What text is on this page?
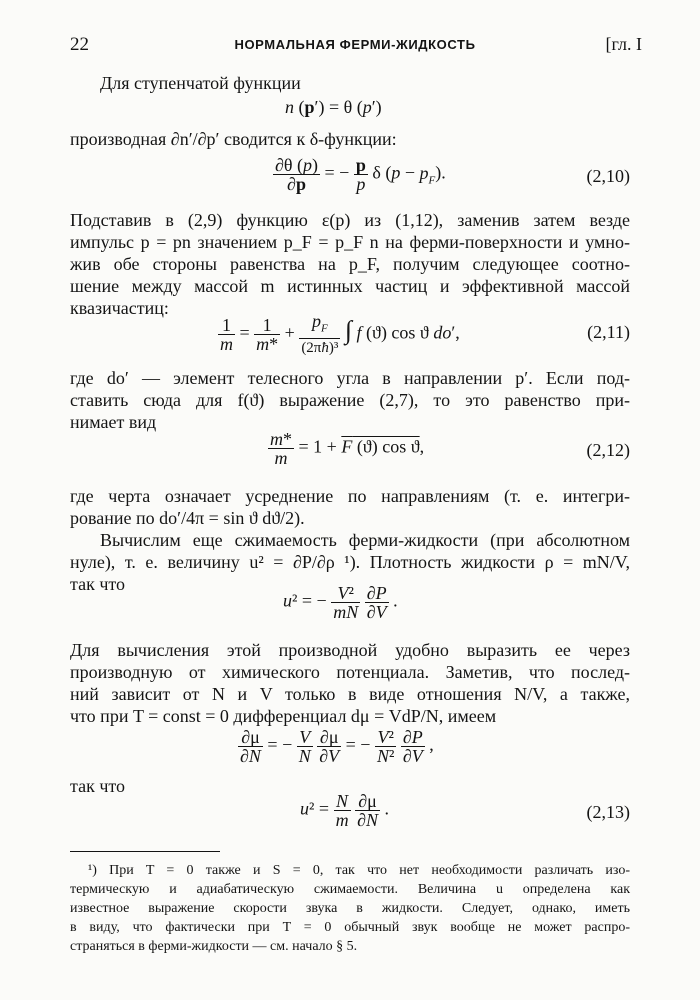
22	НОРМАЛЬНАЯ ФЕРМИ-ЖИДКОСТЬ	[гл. I
Для ступенчатой функции
n (p′) = θ (p′)
производная ∂n′/∂p′ сводится к δ-функции:
$\frac{\partial\theta (p)}{\partial p}$ = − $\frac{p}{p}$ δ $(p - p_F)$.	(2,10)
Подставив в (2,9) функцию ε(p) из (1,12), заменив затем везде
импульс p = pn значением p_F = p_F n на ферми-поверхности и умно-
жив обе стороны равенства на p_F, получим следующее соотно-
шение между массой m истинных частиц и эффективной массой
квазичастиц:
$\frac{1}{m} = \frac{1}{m*} + \frac{p_F}{\text{(2πħ)³}}$ ∫ f (ϑ) cos ϑ do′,	(2,11)
где do′ — элемент телесного угла в направлении p′. Если под-
ставить сюда для f(ϑ) выражение (2,7), то это равенство при-
нимает вид
$\frac{m*}{m} = 1 + F$ (ϑ) cos ϑ,	(2,12)
где черта означает усреднение по направлениям (т. е. интегри-
рование по do′/4π = sin ϑ dϑ/2).
Вычислим еще сжимаемость ферми-жидкости (при абсолютном
нуле), т. е. величину u² = ∂P/∂ρ ¹). Плотность жидкости ρ = mN/V,
так что
u² = − $\frac{\text{V²}}{mN}$
$\frac{\partial P}{\partial V}$ .
Для вычисления этой производной удобно выразить ее через
производную от химического потенциала. Заметив, что послед-
ний зависит от N и V только в виде отношения N/V, а также,
что при T = const = 0 дифференциал dμ = VdP/N, имеем
$\frac{\partial\mu}{\partial N}$ = − $\frac{V}{N}$
$\frac{\partial\mu}{\partial V}$ = − $\frac{\text{V²}}{\text{N²}}$
$\frac{\partial P}{\partial V}$ ,
так что
$u^2 = \frac{N}{m}$
$\frac{\partial\mu}{\partial N}$ .	(2,13)
¹) При T = 0 также и S = 0, так что нет необходимости различать изо-
термическую и адиабатическую сжимаемости. Величина u определена как
известное выражение скорости звука в жидкости. Следует, однако, иметь
в виду, что фактически при T = 0 обычный звук вообще не может распро-
страняться в ферми-жидкости — см. начало § 5.
